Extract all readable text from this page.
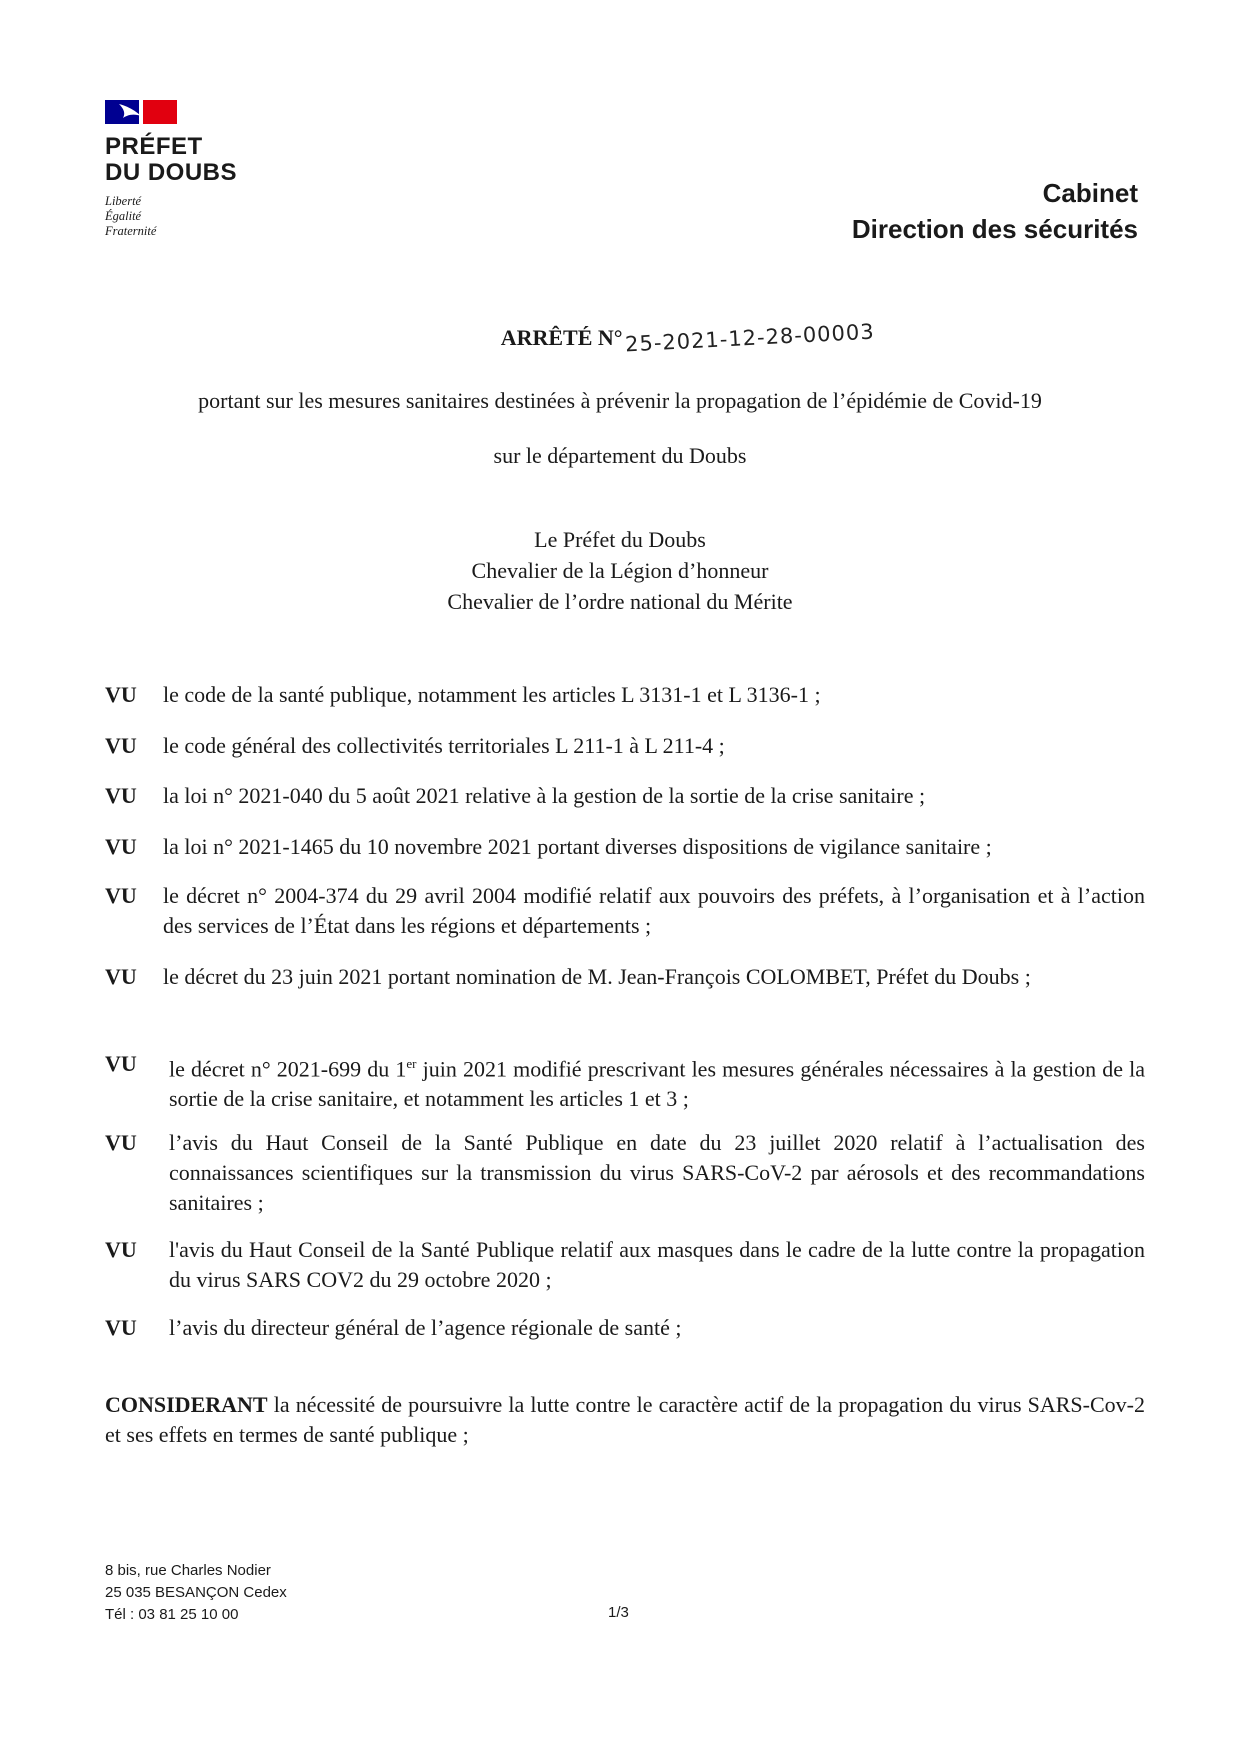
PRÉFET
DU DOUBS
Liberté
Égalité
Fraternité
Cabinet
Direction des sécurités
ARRÊTÉ N°25-2021-12-28-00003
portant sur les mesures sanitaires destinées à prévenir la propagation de l’épidémie de Covid-19
sur le département du Doubs
Le Préfet du Doubs
Chevalier de la Légion d’honneur
Chevalier de l’ordre national du Mérite
VU	le code de la santé publique, notamment les articles L 3131-1 et L 3136-1 ;
VU	le code général des collectivités territoriales L 211-1 à L 211-4 ;
VU	la loi n° 2021-040 du 5 août 2021 relative à la gestion de la sortie de la crise sanitaire ;
VU	la loi n° 2021-1465 du 10 novembre 2021 portant diverses dispositions de vigilance sanitaire ;
VU	le décret n° 2004-374 du 29 avril 2004 modifié relatif aux pouvoirs des préfets, à l’organisation et à l’action des services de l’État dans les régions et départements ;
VU	le décret du 23 juin 2021 portant nomination de M. Jean-François COLOMBET, Préfet du Doubs ;
VU	le décret n° 2021-699 du 1er juin 2021 modifié prescrivant les mesures générales nécessaires à la gestion de la sortie de la crise sanitaire, et notamment les articles 1 et 3 ;
VU	l’avis du Haut Conseil de la Santé Publique en date du 23 juillet 2020 relatif à l’actualisation des connaissances scientifiques sur la transmission du virus SARS-CoV-2 par aérosols et des recommandations sanitaires ;
VU	l'avis du Haut Conseil de la Santé Publique relatif aux masques dans le cadre de la lutte contre la propagation du virus SARS COV2 du 29 octobre 2020 ;
VU	l’avis du directeur général de l’agence régionale de santé ;
CONSIDERANT la nécessité de poursuivre la lutte contre le caractère actif de la propagation du virus SARS-Cov-2 et ses effets en termes de santé publique ;
8 bis, rue Charles Nodier
25 035 BESANÇON Cedex
Tél : 03 81 25 10 00	1/3
